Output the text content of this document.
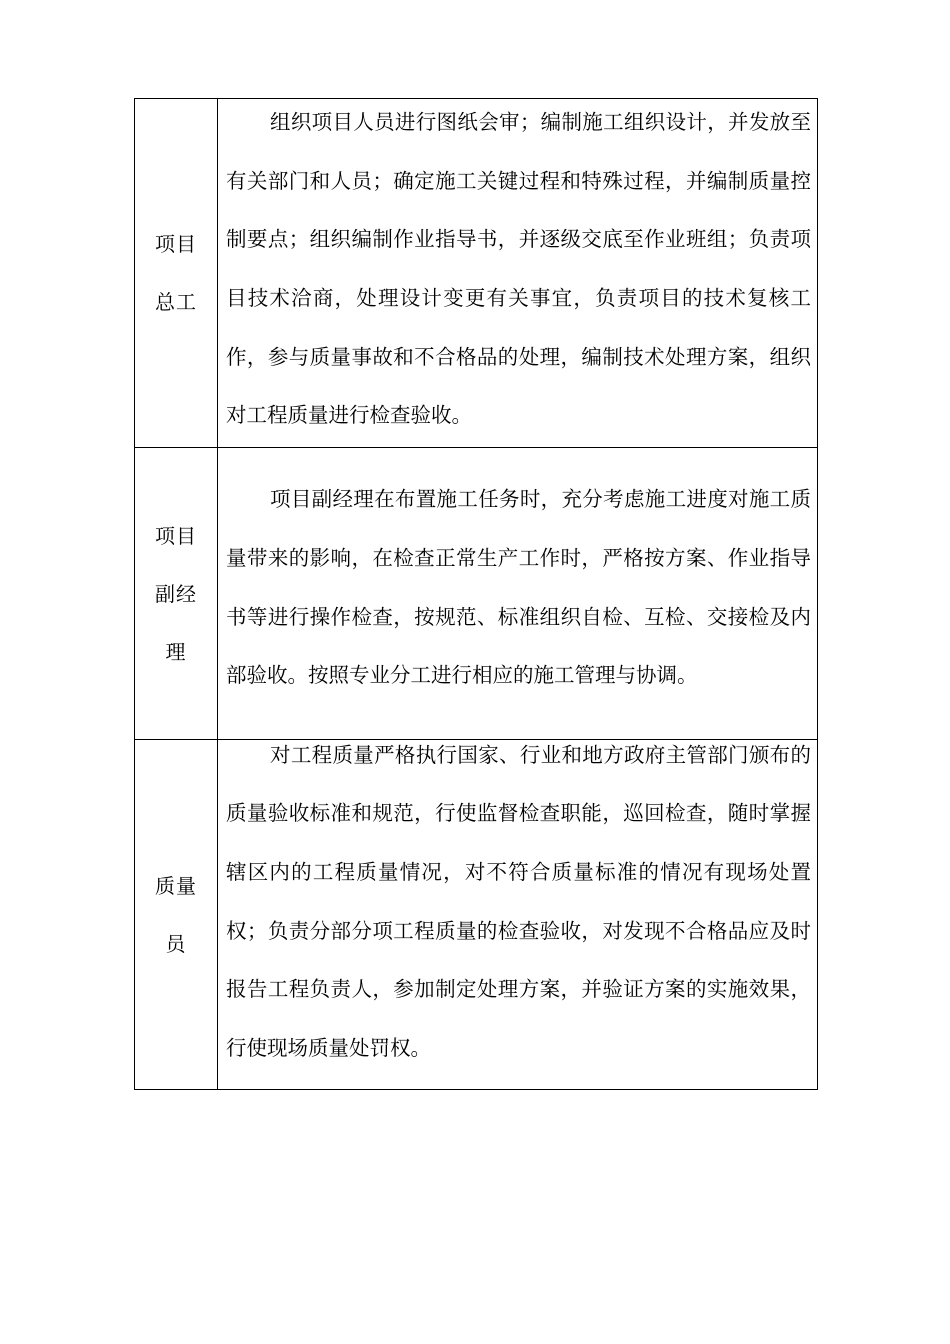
项目总工	组织项目人员进行图纸会审；编制施工组织设计，并发放至有关部门和人员；确定施工关键过程和特殊过程，并编制质量控制要点；组织编制作业指导书，并逐级交底至作业班组；负责项目技术洽商，处理设计变更有关事宜，负责项目的技术复核工作，参与质量事故和不合格品的处理，编制技术处理方案，组织对工程质量进行检查验收。

项目副经理	项目副经理在布置施工任务时，充分考虑施工进度对施工质量带来的影响，在检查正常生产工作时，严格按方案、作业指导书等进行操作检查，按规范、标准组织自检、互检、交接检及内部验收。按照专业分工进行相应的施工管理与协调。

质量员	对工程质量严格执行国家、行业和地方政府主管部门颁布的质量验收标准和规范，行使监督检查职能，巡回检查，随时掌握辖区内的工程质量情况，对不符合质量标准的情况有现场处置权；负责分部分项工程质量的检查验收，对发现不合格品应及时报告工程负责人，参加制定处理方案，并验证方案的实施效果，行使现场质量处罚权。
